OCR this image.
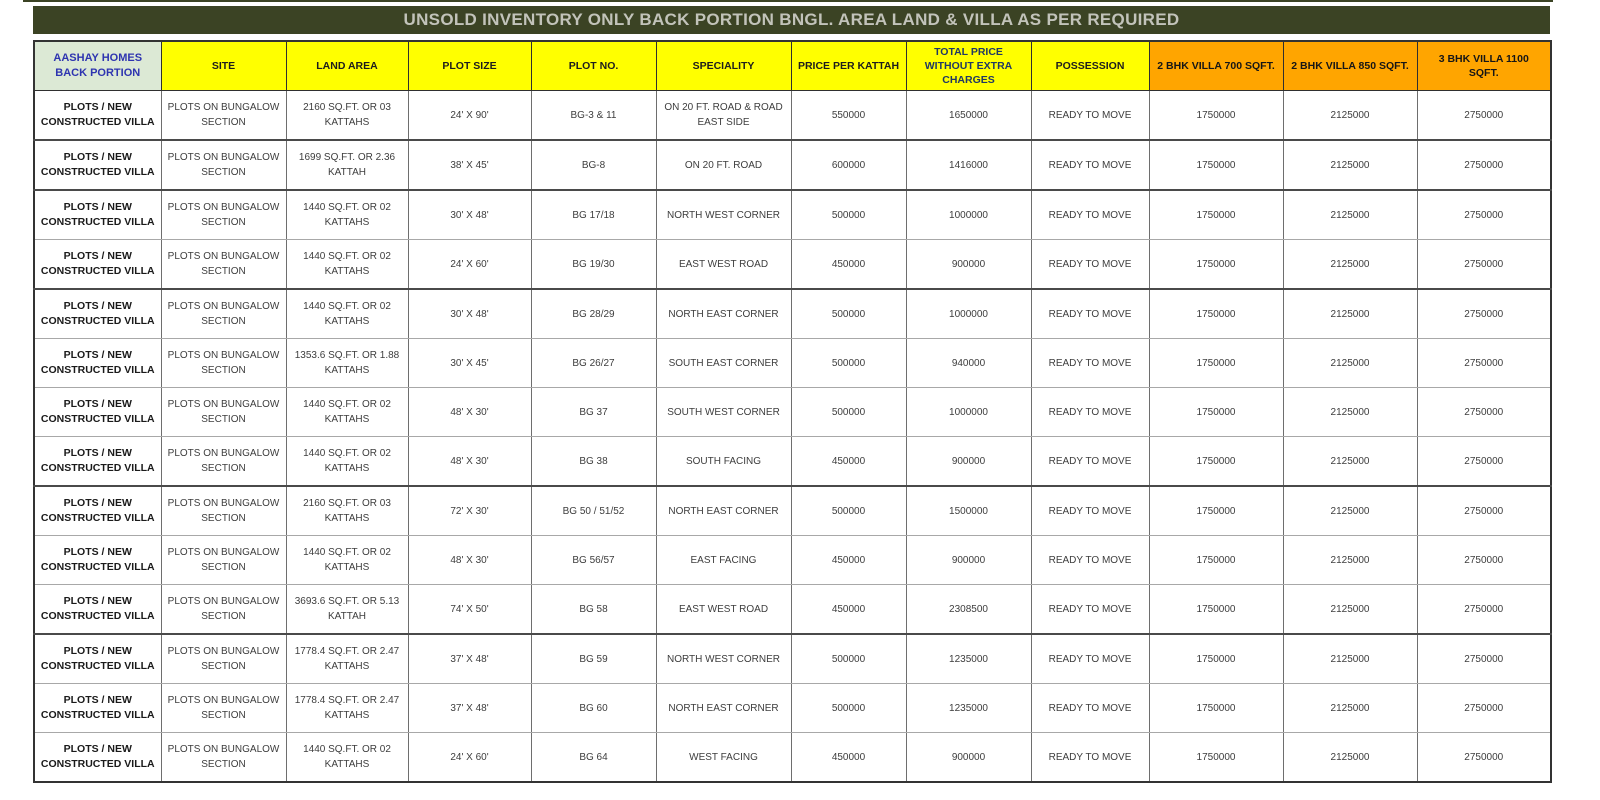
UNSOLD INVENTORY ONLY BACK PORTION BNGL. AREA LAND & VILLA AS PER REQUIRED
AASHAY HOMES BACK PORTION	SITE	LAND AREA	PLOT SIZE	PLOT NO.	SPECIALITY	PRICE PER KATTAH	TOTAL PRICE WITHOUT EXTRA CHARGES	POSSESSION	2 BHK VILLA 700 SQFT.	2 BHK VILLA 850 SQFT.	3 BHK VILLA 1100 SQFT.
PLOTS / NEW CONSTRUCTED VILLA	PLOTS ON BUNGALOW SECTION	2160 SQ.FT. OR 03 KATTAHS	24' X 90'	BG-3 & 11	ON 20 FT. ROAD & ROAD EAST SIDE	550000	1650000	READY TO MOVE	1750000	2125000	2750000
PLOTS / NEW CONSTRUCTED VILLA	PLOTS ON BUNGALOW SECTION	1699 SQ.FT. OR 2.36 KATTAH	38' X 45'	BG-8	ON 20 FT. ROAD	600000	1416000	READY TO MOVE	1750000	2125000	2750000
PLOTS / NEW CONSTRUCTED VILLA	PLOTS ON BUNGALOW SECTION	1440 SQ.FT. OR 02 KATTAHS	30' X 48'	BG 17/18	NORTH WEST CORNER	500000	1000000	READY TO MOVE	1750000	2125000	2750000
PLOTS / NEW CONSTRUCTED VILLA	PLOTS ON BUNGALOW SECTION	1440 SQ.FT. OR 02 KATTAHS	24' X 60'	BG 19/30	EAST WEST ROAD	450000	900000	READY TO MOVE	1750000	2125000	2750000
PLOTS / NEW CONSTRUCTED VILLA	PLOTS ON BUNGALOW SECTION	1440 SQ.FT. OR 02 KATTAHS	30' X 48'	BG 28/29	NORTH EAST CORNER	500000	1000000	READY TO MOVE	1750000	2125000	2750000
PLOTS / NEW CONSTRUCTED VILLA	PLOTS ON BUNGALOW SECTION	1353.6 SQ.FT. OR 1.88 KATTAHS	30' X 45'	BG 26/27	SOUTH EAST CORNER	500000	940000	READY TO MOVE	1750000	2125000	2750000
PLOTS / NEW CONSTRUCTED VILLA	PLOTS ON BUNGALOW SECTION	1440 SQ.FT. OR 02 KATTAHS	48' X 30'	BG 37	SOUTH WEST CORNER	500000	1000000	READY TO MOVE	1750000	2125000	2750000
PLOTS / NEW CONSTRUCTED VILLA	PLOTS ON BUNGALOW SECTION	1440 SQ.FT. OR 02 KATTAHS	48' X 30'	BG 38	SOUTH FACING	450000	900000	READY TO MOVE	1750000	2125000	2750000
PLOTS / NEW CONSTRUCTED VILLA	PLOTS ON BUNGALOW SECTION	2160 SQ.FT. OR 03 KATTAHS	72' X 30'	BG 50 / 51/52	NORTH EAST CORNER	500000	1500000	READY TO MOVE	1750000	2125000	2750000
PLOTS / NEW CONSTRUCTED VILLA	PLOTS ON BUNGALOW SECTION	1440 SQ.FT. OR 02 KATTAHS	48' X 30'	BG 56/57	EAST FACING	450000	900000	READY TO MOVE	1750000	2125000	2750000
PLOTS / NEW CONSTRUCTED VILLA	PLOTS ON BUNGALOW SECTION	3693.6 SQ.FT. OR 5.13 KATTAH	74' X 50'	BG 58	EAST WEST ROAD	450000	2308500	READY TO MOVE	1750000	2125000	2750000
PLOTS / NEW CONSTRUCTED VILLA	PLOTS ON BUNGALOW SECTION	1778.4 SQ.FT. OR 2.47 KATTAHS	37' X 48'	BG 59	NORTH WEST CORNER	500000	1235000	READY TO MOVE	1750000	2125000	2750000
PLOTS / NEW CONSTRUCTED VILLA	PLOTS ON BUNGALOW SECTION	1778.4 SQ.FT. OR 2.47 KATTAHS	37' X 48'	BG 60	NORTH EAST CORNER	500000	1235000	READY TO MOVE	1750000	2125000	2750000
PLOTS / NEW CONSTRUCTED VILLA	PLOTS ON BUNGALOW SECTION	1440 SQ.FT. OR 02 KATTAHS	24' X 60'	BG 64	WEST FACING	450000	900000	READY TO MOVE	1750000	2125000	2750000
